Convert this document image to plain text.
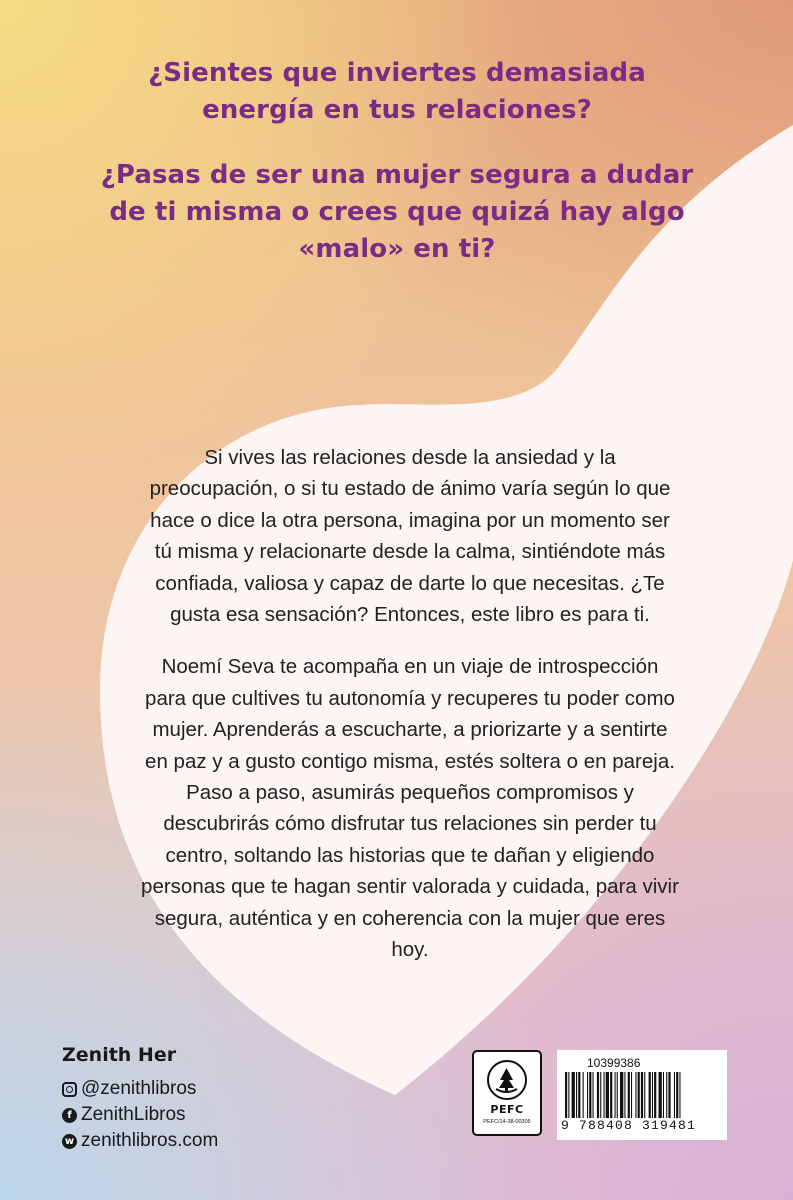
¿Sientes que inviertes demasiada energía en tus relaciones?

¿Pasas de ser una mujer segura a dudar de ti misma o crees que quizá hay algo «malo» en ti?

Si vives las relaciones desde la ansiedad y la preocupación, o si tu estado de ánimo varía según lo que hace o dice la otra persona, imagina por un momento ser tú misma y relacionarte desde la calma, sintiéndote más confiada, valiosa y capaz de darte lo que necesitas. ¿Te gusta esa sensación? Entonces, este libro es para ti.

Noemí Seva te acompaña en un viaje de introspección para que cultives tu autonomía y recuperes tu poder como mujer. Aprenderás a escucharte, a priorizarte y a sentirte en paz y a gusto contigo misma, estés soltera o en pareja. Paso a paso, asumirás pequeños compromisos y descubrirás cómo disfrutar tus relaciones sin perder tu centro, soltando las historias que te dañan y eligiendo personas que te hagan sentir valorada y cuidada, para vivir segura, auténtica y en coherencia con la mujer que eres hoy.

Zenith Her
@zenithlibros
f ZenithLibros
w zenithlibros.com
PEFC
PEFC/14-38-00305
10399386
9 788408 319481
